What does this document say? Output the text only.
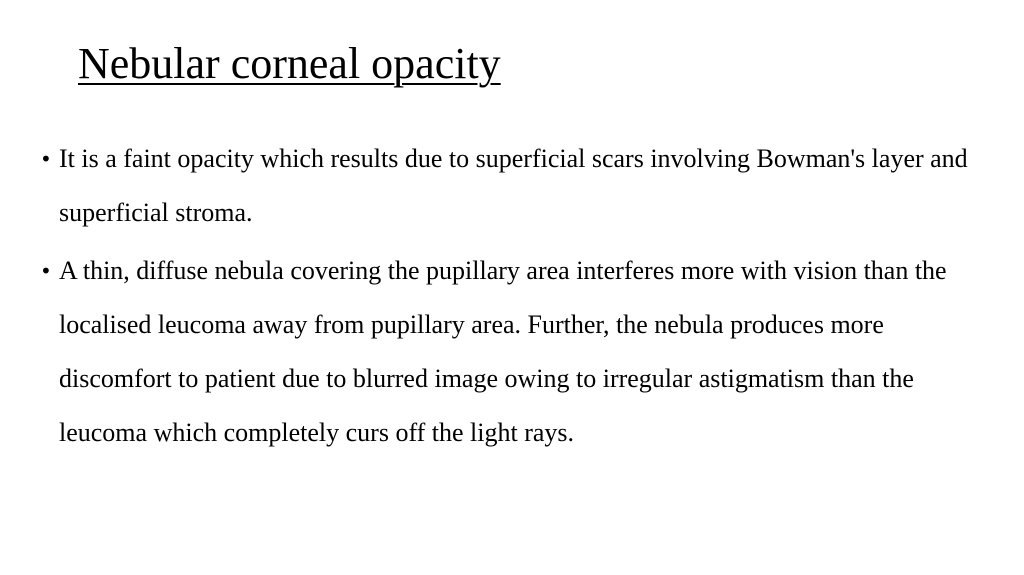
Nebular corneal opacity
• It is a faint opacity which results due to superficial scars involving Bowman's layer and superficial stroma.
• A thin, diffuse nebula covering the pupillary area interferes more with vision than the localised leucoma away from pupillary area. Further, the nebula produces more discomfort to patient due to blurred image owing to irregular astigmatism than the leucoma which completely curs off the light rays.
